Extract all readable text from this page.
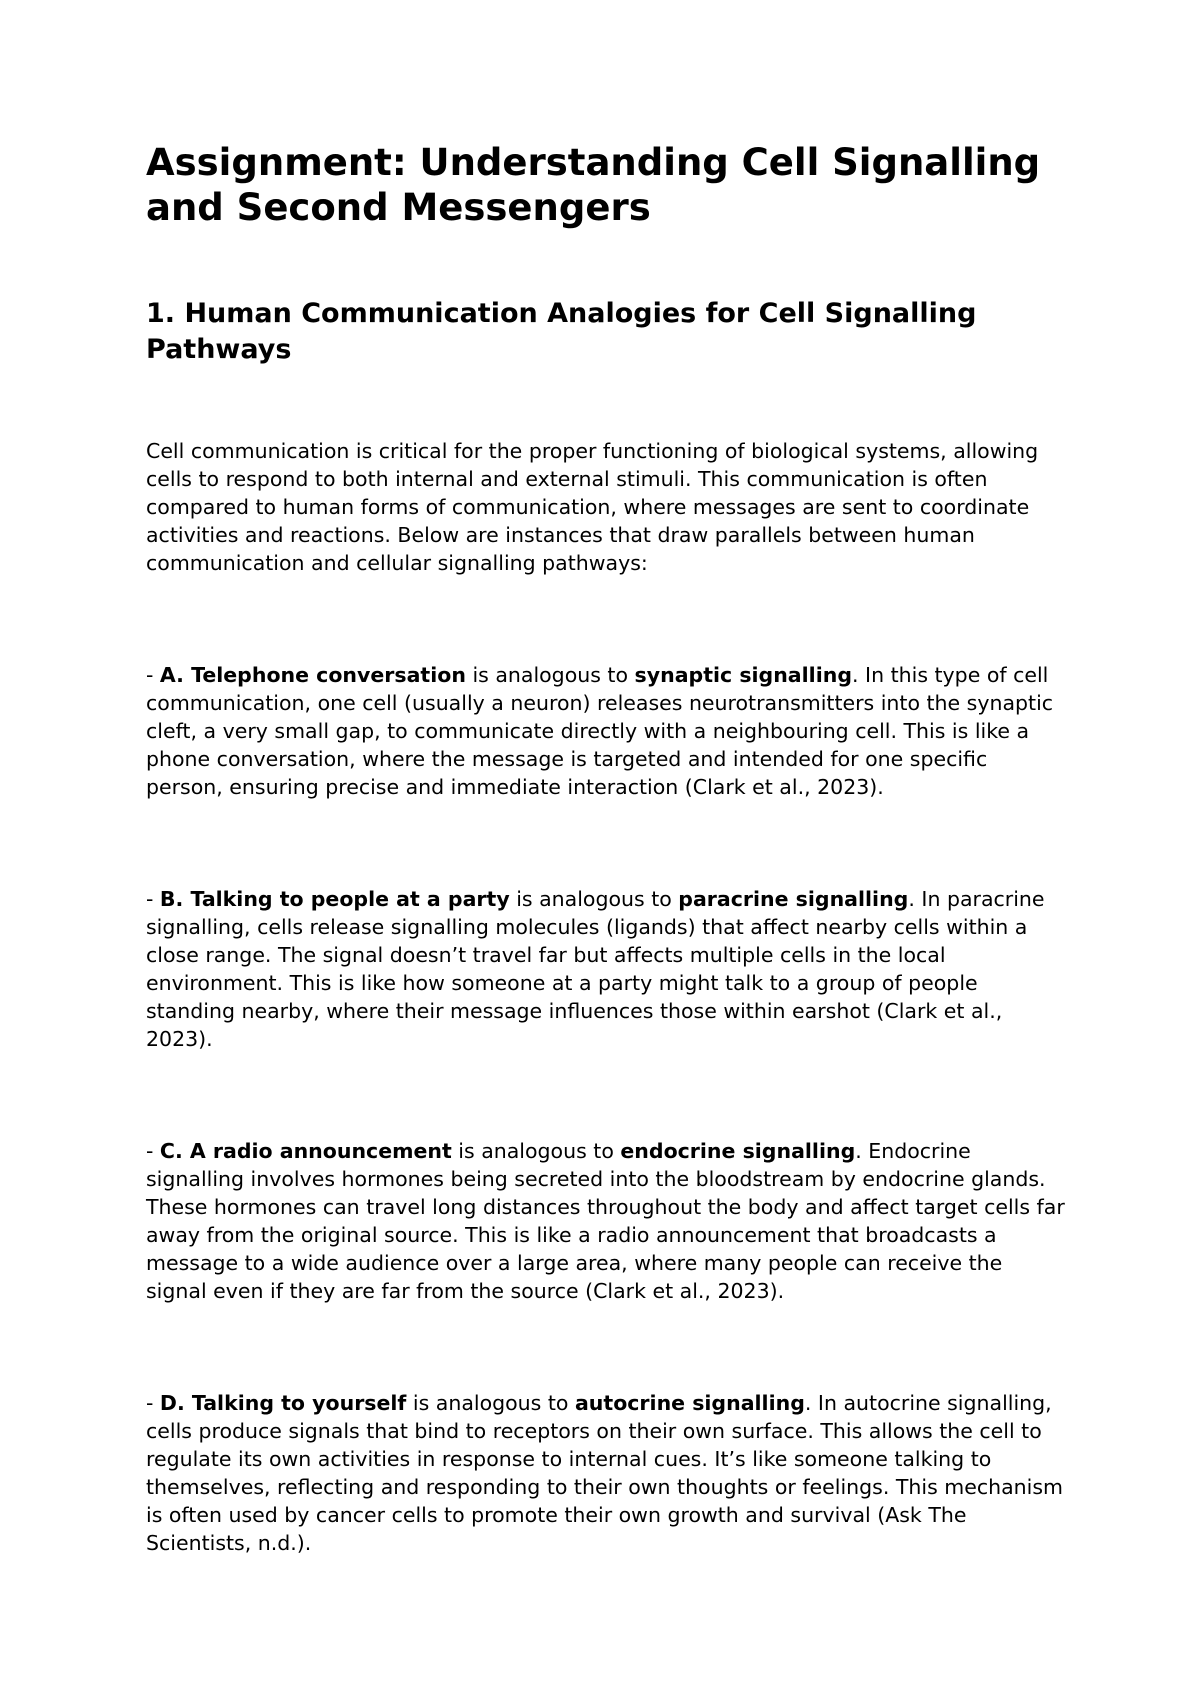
Assignment: Understanding Cell Signalling and Second Messengers
1. Human Communication Analogies for Cell Signalling Pathways

Cell communication is critical for the proper functioning of biological systems, allowing cells to respond to both internal and external stimuli. This communication is often compared to human forms of communication, where messages are sent to coordinate activities and reactions. Below are instances that draw parallels between human communication and cellular signalling pathways:

- A. Telephone conversation is analogous to synaptic signalling. In this type of cell communication, one cell (usually a neuron) releases neurotransmitters into the synaptic cleft, a very small gap, to communicate directly with a neighbouring cell. This is like a phone conversation, where the message is targeted and intended for one specific person, ensuring precise and immediate interaction (Clark et al., 2023).

- B. Talking to people at a party is analogous to paracrine signalling. In paracrine signalling, cells release signalling molecules (ligands) that affect nearby cells within a close range. The signal doesn’t travel far but affects multiple cells in the local environment. This is like how someone at a party might talk to a group of people standing nearby, where their message influences those within earshot (Clark et al., 2023).

- C. A radio announcement is analogous to endocrine signalling. Endocrine signalling involves hormones being secreted into the bloodstream by endocrine glands. These hormones can travel long distances throughout the body and affect target cells far away from the original source. This is like a radio announcement that broadcasts a message to a wide audience over a large area, where many people can receive the signal even if they are far from the source (Clark et al., 2023).

- D. Talking to yourself is analogous to autocrine signalling. In autocrine signalling, cells produce signals that bind to receptors on their own surface. This allows the cell to regulate its own activities in response to internal cues. It’s like someone talking to themselves, reflecting and responding to their own thoughts or feelings. This mechanism is often used by cancer cells to promote their own growth and survival (Ask The Scientists, n.d.).
